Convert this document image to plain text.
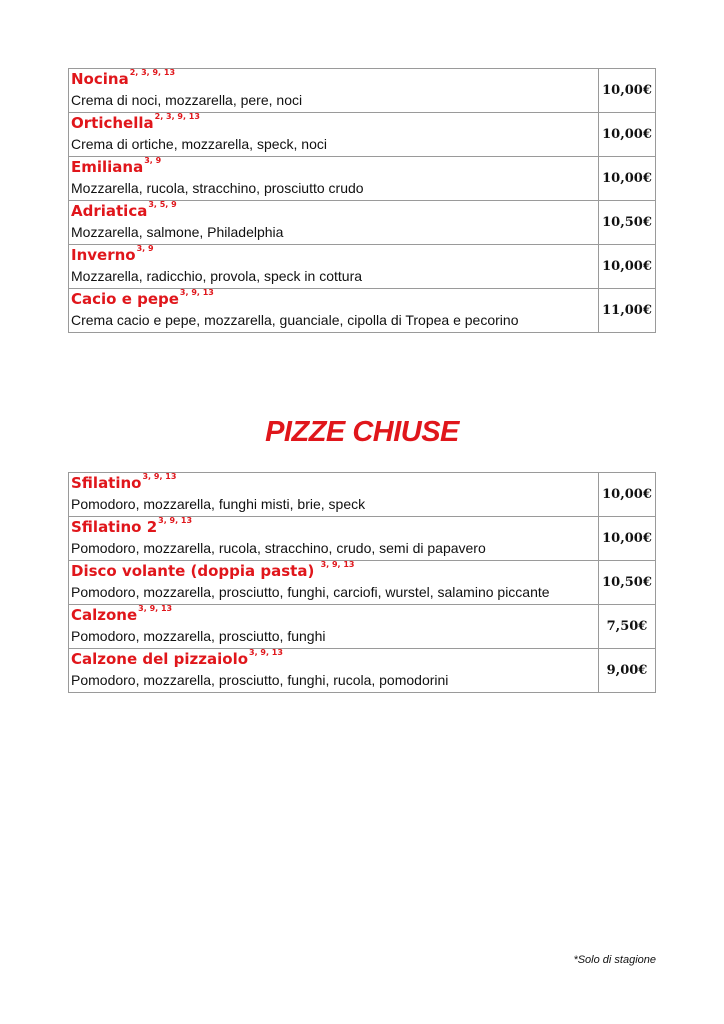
Nocina$^{2, 3, 9, 13}$
Crema di noci, mozzarella, pere, noci	10,00€

Ortichella$^{2, 3, 9, 13}$
Crema di ortiche, mozzarella, speck, noci	10,00€

Emiliana$^{3, 9}$
Mozzarella, rucola, stracchino, prosciutto crudo	10,00€

Adriatica$^{3, 5, 9}$
Mozzarella, salmone, Philadelphia	10,50€

Inverno$^{3, 9}$
Mozzarella, radicchio, provola, speck in cottura	10,00€

Cacio e pepe$^{3, 9, 13}$
Crema cacio e pepe, mozzarella, guanciale, cipolla di Tropea e pecorino	11,00€
PIZZE CHIUSE
Sfilatino$^{3, 9, 13}$
Pomodoro, mozzarella, funghi misti, brie, speck	10,00€

Sfilatino 2$^{3, 9, 13}$
Pomodoro, mozzarella, rucola, stracchino, crudo, semi di papavero	10,00€

Disco volante (doppia pasta) $^{3, 9, 13}$
Pomodoro, mozzarella, prosciutto, funghi, carciofi, wurstel, salamino piccante	10,50€

Calzone$^{3, 9, 13}$
Pomodoro, mozzarella, prosciutto, funghi	7,50€

Calzone del pizzaiolo$^{3, 9, 13}$
Pomodoro, mozzarella, prosciutto, funghi, rucola, pomodorini	9,00€

*Solo di stagione
